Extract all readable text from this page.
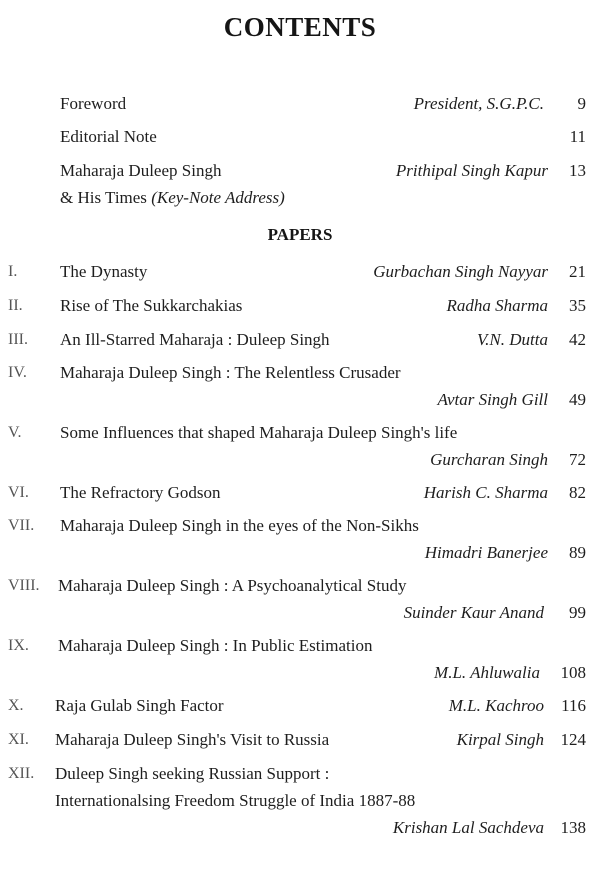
CONTENTS
Foreword	President, S.G.P.C.	9
Editorial Note	11
Maharaja Duleep Singh	Prithipal Singh Kapur	13
& His Times (Key-Note Address)
PAPERS
I.	The Dynasty	Gurbachan Singh Nayyar	21
II. Rise of The Sukkarchakias	Radha Sharma	35
III. An Ill-Starred Maharaja : Duleep Singh	V.N. Dutta	42
IV. Maharaja Duleep Singh : The Relentless Crusader
Avtar Singh Gill	49
V. Some Influences that shaped Maharaja Duleep Singh's life
Gurcharan Singh	72
VI. The Refractory Godson	Harish C. Sharma	82
VII. Maharaja Duleep Singh in the eyes of the Non-Sikhs
Himadri Banerjee	89
VIII. Maharaja Duleep Singh : A Psychoanalytical Study
Suinder Kaur Anand	99
IX. Maharaja Duleep Singh : In Public Estimation
M.L. Ahluwalia	108
X. Raja Gulab Singh Factor	M.L. Kachroo	116
XI. Maharaja Duleep Singh's Visit to Russia	Kirpal Singh 124
XII. Duleep Singh seeking Russian Support :
Internationalsing Freedom Struggle of India 1887-88
Krishan Lal Sachdeva 138
